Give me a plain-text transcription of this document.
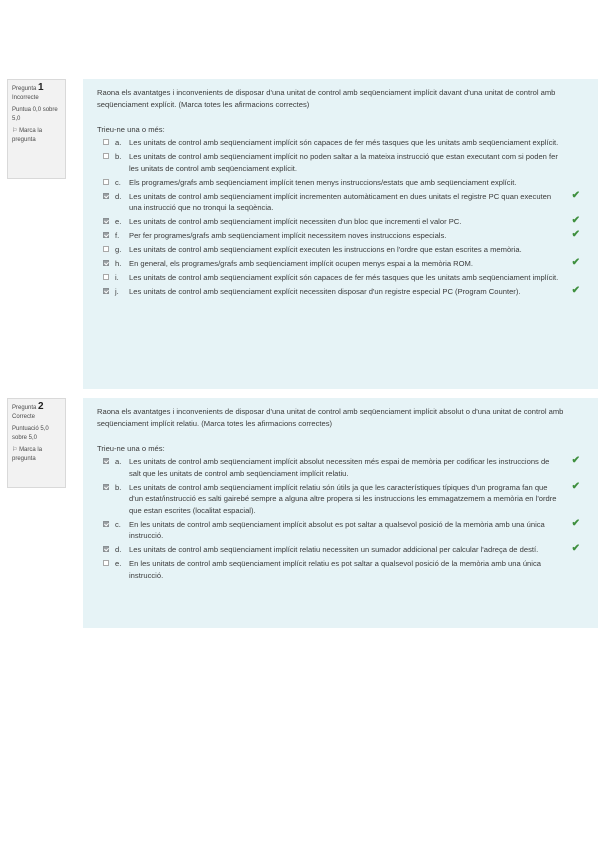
Pregunta 1
Incorrecte
Puntua 0,0 sobre 5,0
⚐ Marca la pregunta
Raona els avantatges i inconvenients de disposar d'una unitat de control amb seqüenciament implícit davant d'una unitat de control amb seqüenciament explícit. (Marca totes les afirmacions correctes)
Trieu-ne una o més:
a. Les unitats de control amb seqüenciament implícit són capaces de fer més tasques que les unitats amb seqüenciament explícit.
b. Les unitats de control amb seqüenciament implícit no poden saltar a la mateixa instrucció que estan executant com si poden fer les unitats de control amb seqüenciament explícit.
c. Els programes/grafs amb seqüenciament implícit tenen menys instruccions/estats que amb seqüenciament explícit.
d. Les unitats de control amb seqüenciament implícit incrementen automàticament en dues unitats el registre PC quan executen una instrucció que no tronqui la seqüència.
✔
e. Les unitats de control amb seqüenciament implícit necessiten d'un bloc que incrementi el valor PC.	✔
f. Per fer programes/grafs amb seqüenciament implícit necessitem noves instruccions especials.	✔
g. Les unitats de control amb seqüenciament explícit executen les instruccions en l'ordre que estan escrites a memòria.
h. En general, els programes/grafs amb seqüenciament implícit ocupen menys espai a la memòria ROM.	✔
i. Les unitats de control amb seqüenciament explícit són capaces de fer més tasques que les unitats amb seqüenciament implícit.
j. Les unitats de control amb seqüenciament explícit necessiten disposar d'un registre especial PC (Program Counter).	✔
Pregunta 2
Correcte
Puntuació 5,0 sobre 5,0
⚐ Marca la pregunta
Raona els avantatges i inconvenients de disposar d'una unitat de control amb seqüenciament implícit absolut o d'una unitat de control amb seqüenciament implícit relatiu. (Marca totes les afirmacions correctes)
Trieu-ne una o més:
a. Les unitats de control amb seqüenciament implícit absolut necessiten més espai de memòria per codificar les instruccions de salt que les unitats de control amb seqüenciament implícit relatiu.
✔
b. Les unitats de control amb seqüenciament implícit relatiu són útils ja que les característiques típiques d'un programa fan que d'un estat/instrucció es salti gairebé sempre a alguna altre propera si les instruccions les emmagatzemem a memòria en l'ordre que estan escrites (localitat espacial).
✔
c. En les unitats de control amb seqüenciament implícit absolut es pot saltar a qualsevol posició de la memòria amb una única instrucció.
✔
d. Les unitats de control amb seqüenciament implícit relatiu necessiten un sumador addicional per calcular l'adreça de destí.	✔
e. En les unitats de control amb seqüenciament implícit relatiu es pot saltar a qualsevol posició de la memòria amb una única instrucció.
